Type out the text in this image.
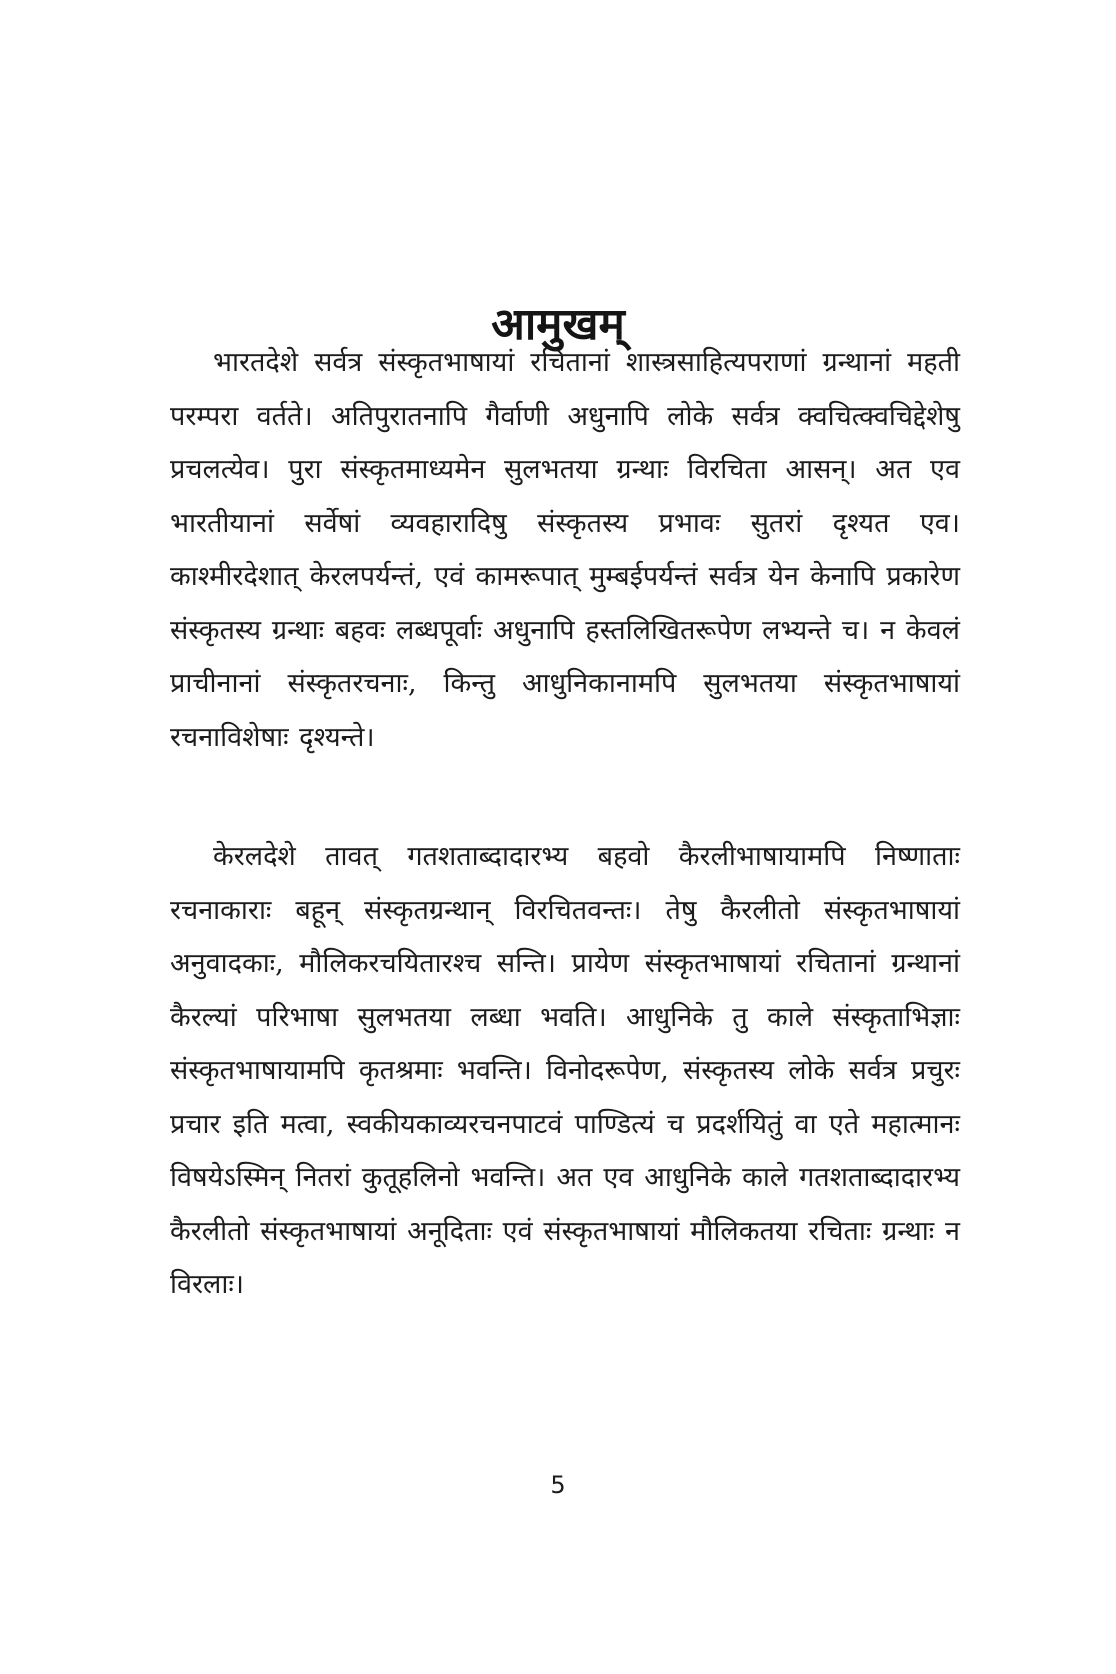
आमुखम्

भारतदेशे सर्वत्र संस्कृतभाषायां रचितानां शास्त्रसाहित्यपराणां ग्रन्थानां महती परम्परा वर्तते। अतिपुरातनापि गैर्वाणी अधुनापि लोके सर्वत्र क्वचित्क्वचिद्देशेषु प्रचलत्येव। पुरा संस्कृतमाध्यमेन सुलभतया ग्रन्थाः विरचिता आसन्। अत एव भारतीयानां सर्वेषां व्यवहारादिषु संस्कृतस्य प्रभावः सुतरां दृश्यत एव। काश्मीरदेशात् केरलपर्यन्तं, एवं कामरूपात् मुम्बईपर्यन्तं सर्वत्र येन केनापि प्रकारेण संस्कृतस्य ग्रन्थाः बहवः लब्धपूर्वाः अधुनापि हस्तलिखितरूपेण लभ्यन्ते च। न केवलं प्राचीनानां संस्कृतरचनाः, किन्तु आधुनिकानामपि सुलभतया संस्कृतभाषायां रचनाविशेषाः दृश्यन्ते।

केरलदेशे तावत् गतशताब्दादारभ्य बहवो कैरलीभाषायामपि निष्णाताः रचनाकाराः बहून् संस्कृतग्रन्थान् विरचितवन्तः। तेषु कैरलीतो संस्कृतभाषायां अनुवादकाः, मौलिकरचयितारश्च सन्ति। प्रायेण संस्कृतभाषायां रचितानां ग्रन्थानां कैरल्यां परिभाषा सुलभतया लब्धा भवति। आधुनिके तु काले संस्कृताभिज्ञाः संस्कृतभाषायामपि कृतश्रमाः भवन्ति। विनोदरूपेण, संस्कृतस्य लोके सर्वत्र प्रचुरः प्रचार इति मत्वा, स्वकीयकाव्यरचनपाटवं पाण्डित्यं च प्रदर्शयितुं वा एते महात्मानः विषयेऽस्मिन् नितरां कुतूहलिनो भवन्ति। अत एव आधुनिके काले गतशताब्दादारभ्य कैरलीतो संस्कृतभाषायां अनूदिताः एवं संस्कृतभाषायां मौलिकतया रचिताः ग्रन्थाः न विरलाः।

5
